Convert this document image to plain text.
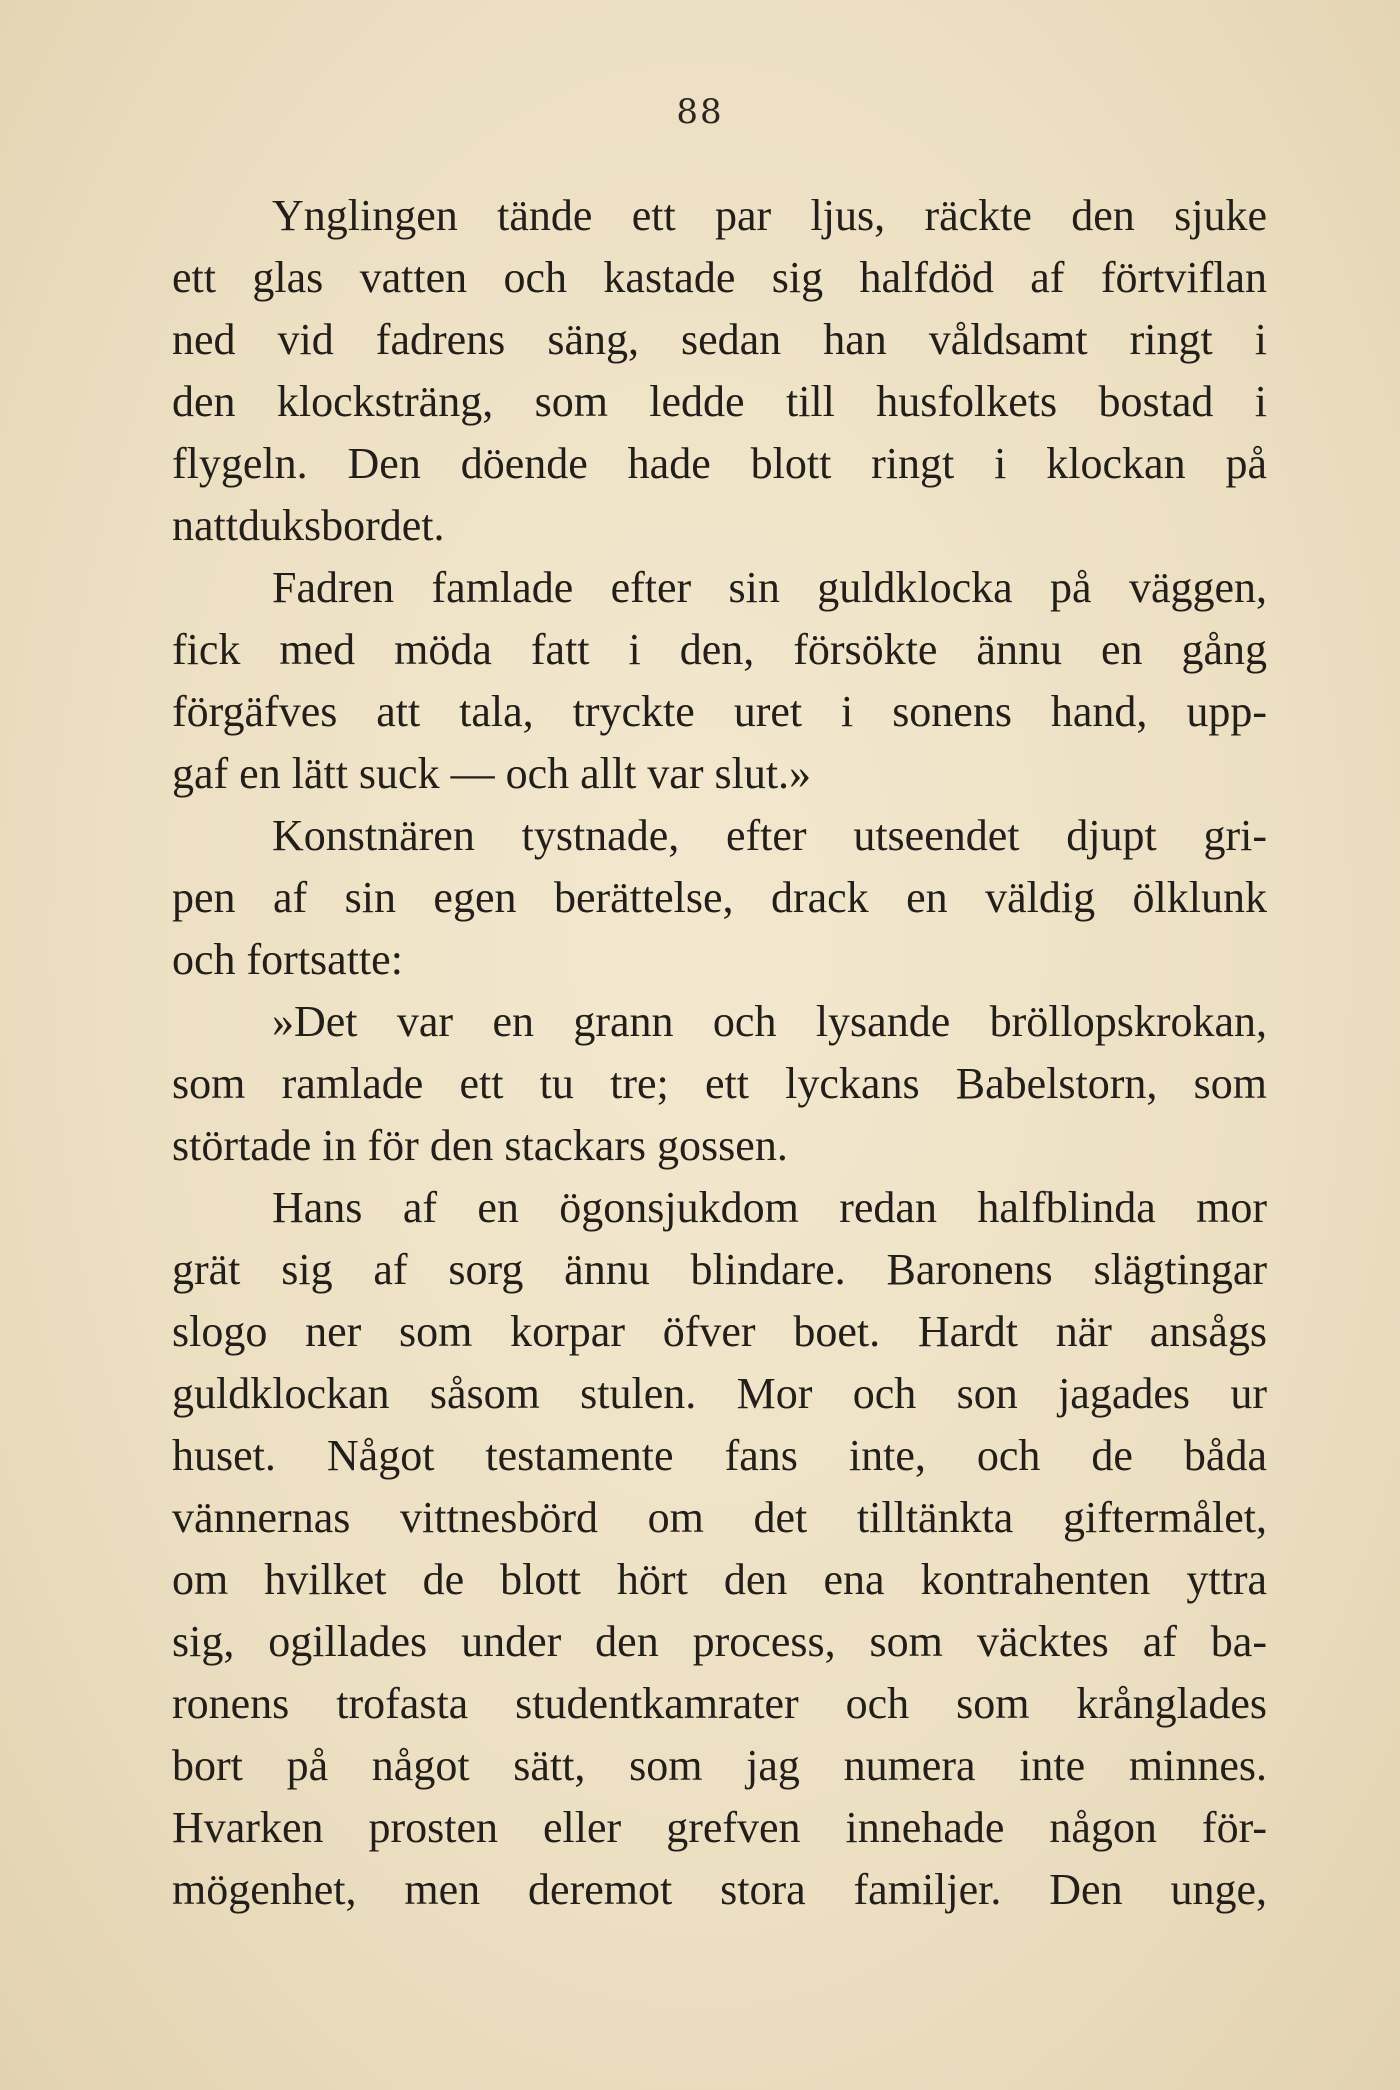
88
Ynglingen tände ett par ljus, räckte den sjuke
ett glas vatten och kastade sig halfdöd af förtviflan
ned vid fadrens säng, sedan han våldsamt ringt i
den klocksträng, som ledde till husfolkets bostad i
flygeln. Den döende hade blott ringt i klockan på
nattduksbordet.
Fadren famlade efter sin guldklocka på väggen,
fick med möda fatt i den, försökte ännu en gång
förgäfves att tala, tryckte uret i sonens hand, upp-
gaf en lätt suck — och allt var slut.»
Konstnären tystnade, efter utseendet djupt gri-
pen af sin egen berättelse, drack en väldig ölklunk
och fortsatte:
»Det var en grann och lysande bröllopskrokan,
som ramlade ett tu tre; ett lyckans Babelstorn, som
störtade in för den stackars gossen.
Hans af en ögonsjukdom redan halfblinda mor
grät sig af sorg ännu blindare. Baronens slägtingar
slogo ner som korpar öfver boet. Hardt när ansågs
guldklockan såsom stulen. Mor och son jagades ur
huset. Något testamente fans inte, och de båda
vännernas vittnesbörd om det tilltänkta giftermålet,
om hvilket de blott hört den ena kontrahenten yttra
sig, ogillades under den process, som väcktes af ba-
ronens trofasta studentkamrater och som krånglades
bort på något sätt, som jag numera inte minnes.
Hvarken prosten eller grefven innehade någon för-
mögenhet, men deremot stora familjer. Den unge,
